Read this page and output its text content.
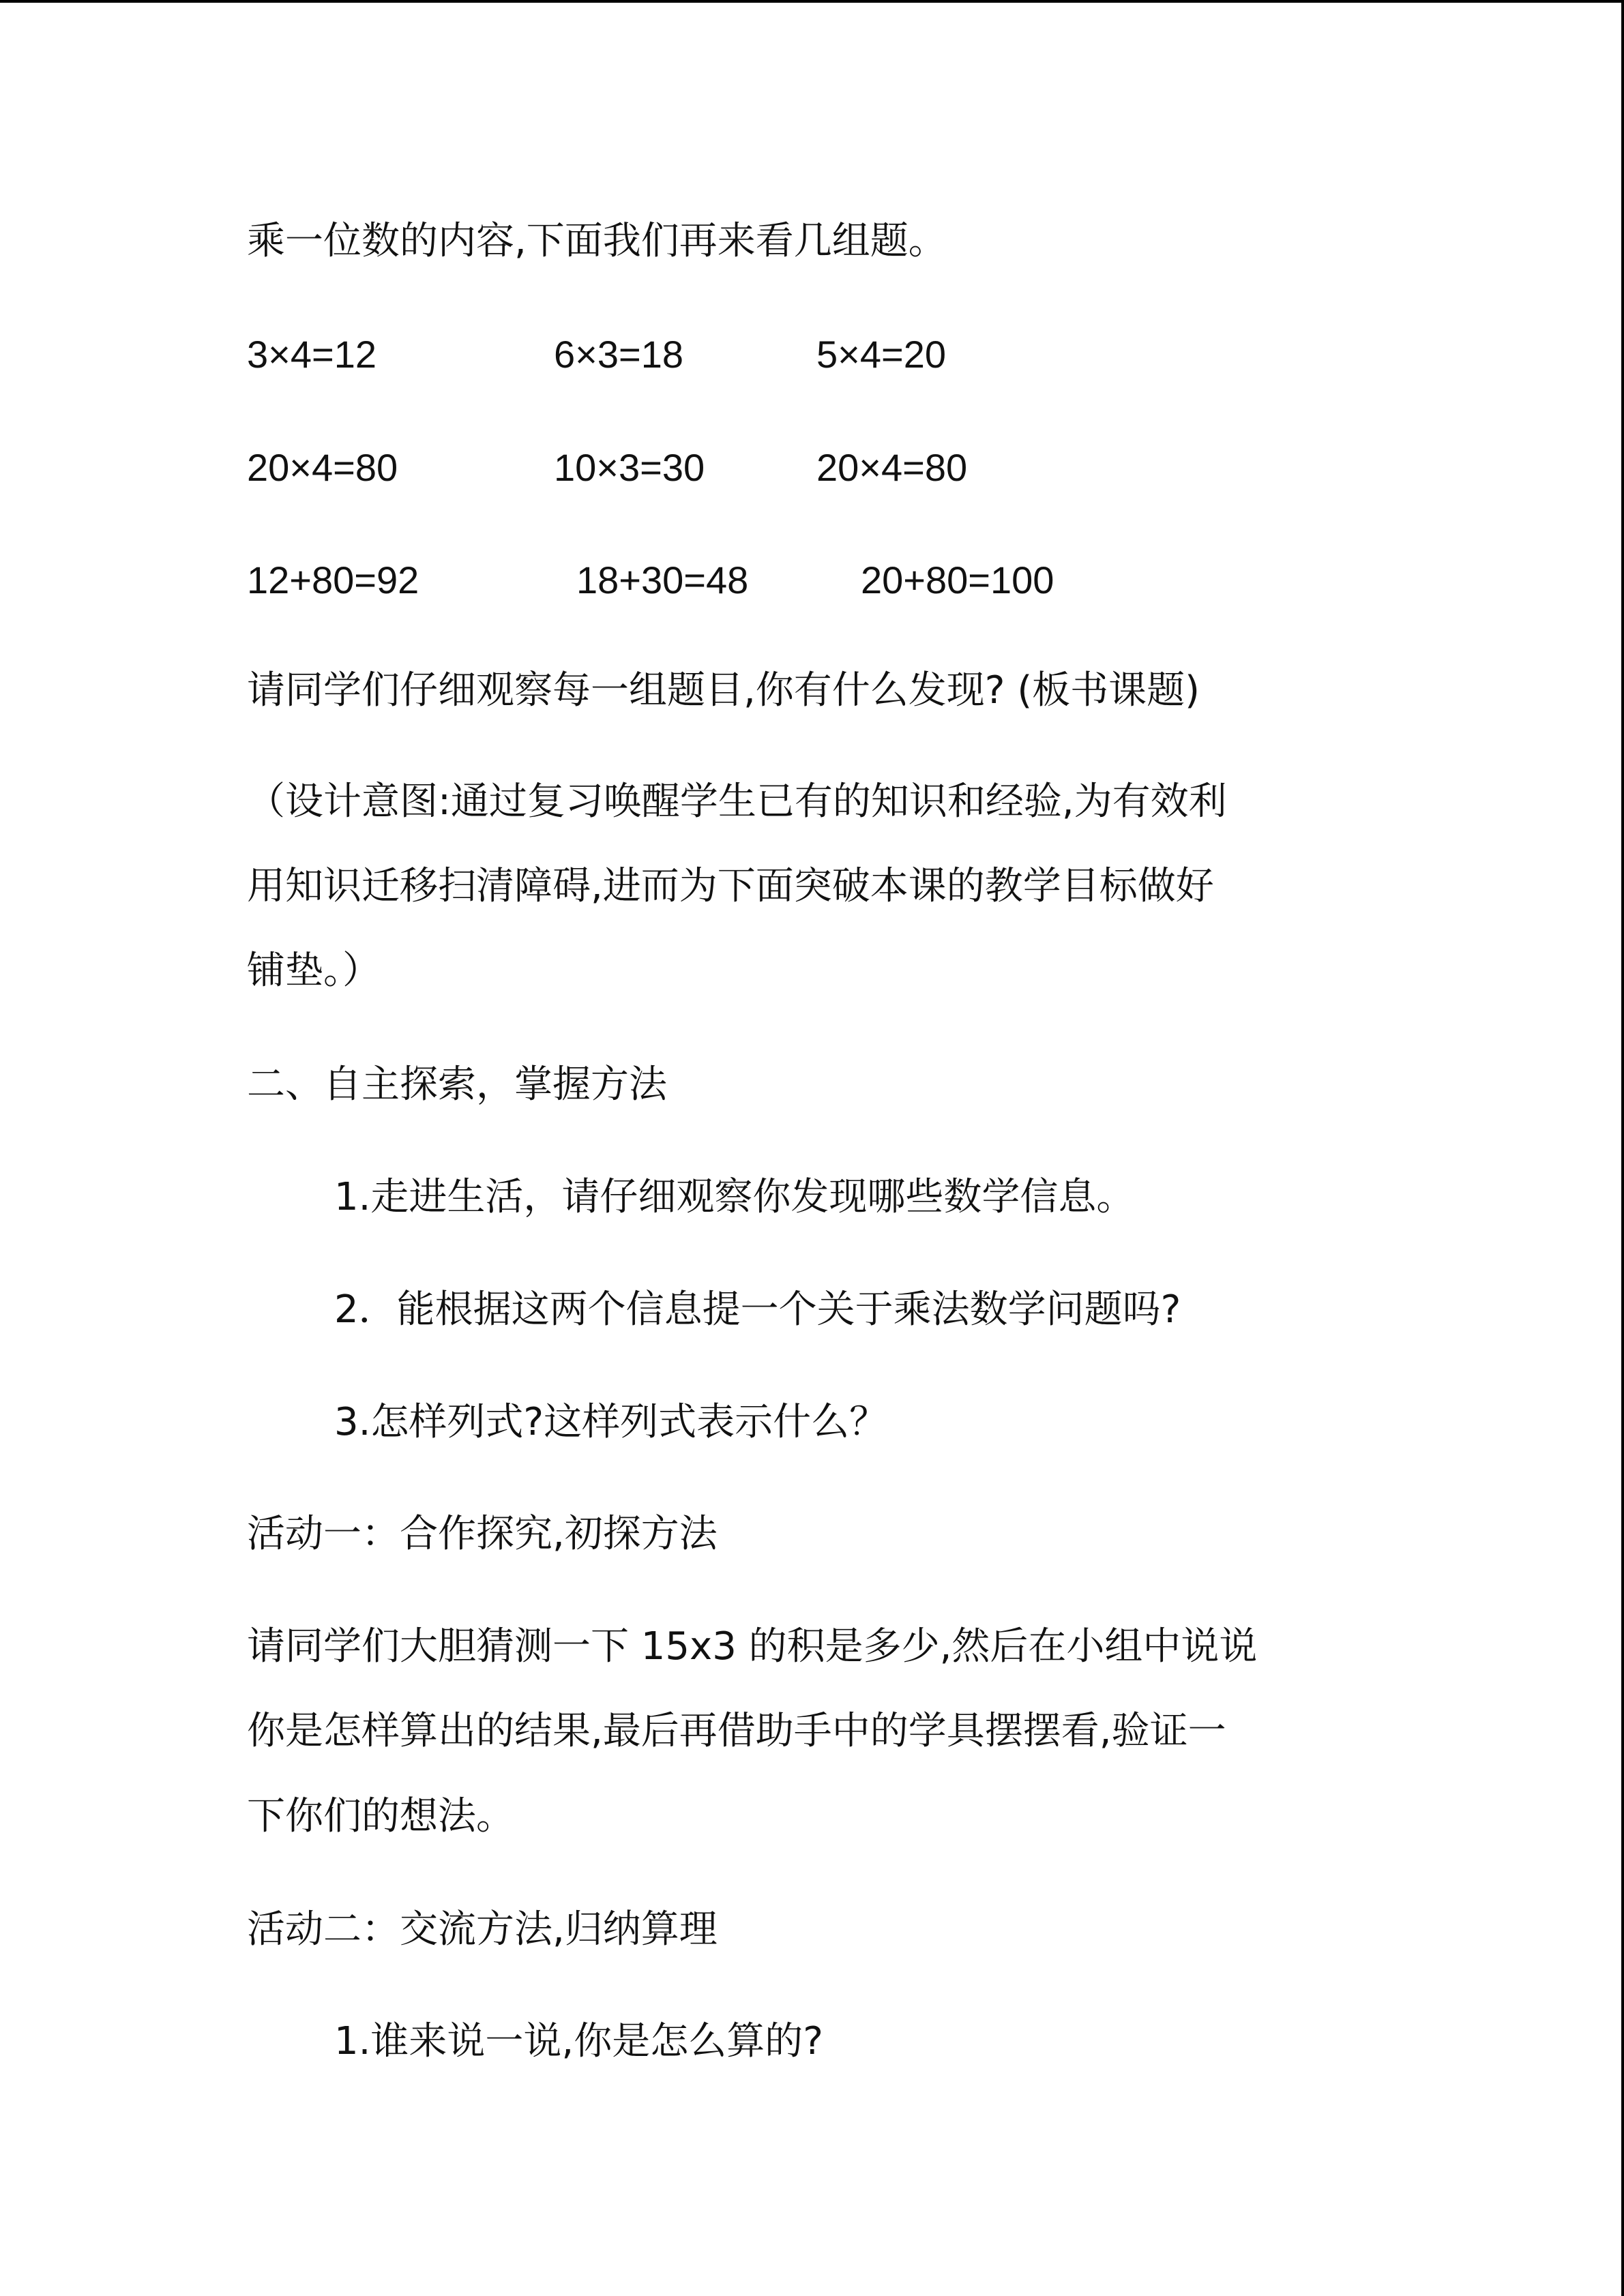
乘一位数的内容,下面我们再来看几组题。
3×4=12	6×3=18	5×4=20
20×4=80	10×3=30	20×4=80
12+80=92	18+30=48	20+80=100
请同学们仔细观察每一组题目,你有什么发现? (板书课题)
（设计意图:通过复习唤醒学生已有的知识和经验,为有效利
用知识迁移扫清障碍,进而为下面突破本课的教学目标做好
铺垫。）
二、自主探索，掌握方法
1.走进生活，请仔细观察你发现哪些数学信息。
2．能根据这两个信息提一个关于乘法数学问题吗?
3.怎样列式?这样列式表示什么？
活动一：合作探究,初探方法
请同学们大胆猜测一下 15x3 的积是多少,然后在小组中说说
你是怎样算出的结果,最后再借助手中的学具摆摆看,验证一
下你们的想法。
活动二：交流方法,归纳算理
1.谁来说一说,你是怎么算的?
